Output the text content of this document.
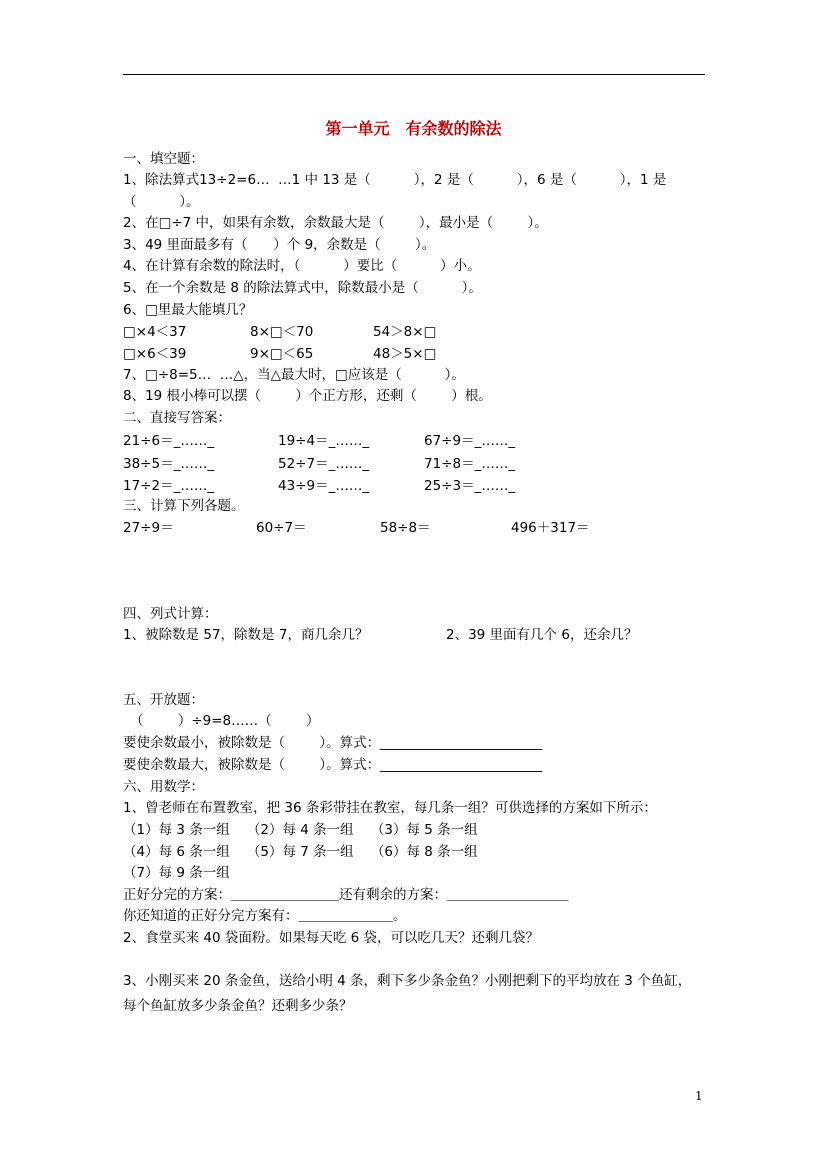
第一单元　有余数的除法
一、填空题：
1、除法算式13÷2=6…  …1 中 13 是（          ），2 是（          ），6 是（          ），1 是
（          ）。
2、在□÷7 中，如果有余数，余数最大是（        ），最小是（        ）。
3、49 里面最多有（      ）个 9，余数是（        ）。
4、在计算有余数的除法时，（          ）要比（          ）小。
5、在一个余数是 8 的除法算式中，除数最小是（          ）。
6、□里最大能填几？
□×4＜37	8×□＜70	54＞8×□
□×6＜39	9×□＜65	48＞5×□
7、□÷8=5…  …△，当△最大时，□应该是（          ）。
8、19 根小棒可以摆（        ）个正方形，还剩（        ）根。
二、直接写答案：
21÷6＝_……_	19÷4＝_……_	67÷9＝_……_
38÷5＝_……_	52÷7＝_……_	71÷8＝_……_
17÷2＝_……_	43÷9＝_……_	25÷3＝_……_
三、计算下列各题。
27÷9＝	60÷7＝	58÷8＝	496＋317＝
四、列式计算：
1、被除数是 57，除数是 7，商几余几？	2、39 里面有几个 6，还余几？
五、开放题：
（        ）÷9=8……（        ）
要使余数最小，被除数是（        ）。算式：________________________
要使余数最大，被除数是（        ）。算式：________________________
六、用数学：
1、曾老师在布置教室，把 36 条彩带挂在教室，每几条一组？可供选择的方案如下所示：
（1）每 3 条一组    （2）每 4 条一组    （3）每 5 条一组
（4）每 6 条一组    （5）每 7 条一组    （6）每 8 条一组
（7）每 9 条一组
正好分完的方案：＿＿＿＿＿＿＿＿还有剩余的方案：＿＿＿＿＿＿＿＿＿
你还知道的正好分完方案有：＿＿＿＿＿＿＿。
2、食堂买来 40 袋面粉。如果每天吃 6 袋，可以吃几天？还剩几袋？
3、小刚买来 20 条金鱼，送给小明 4 条，剩下多少条金鱼？小刚把剩下的平均放在 3 个鱼缸，
每个鱼缸放多少条金鱼？还剩多少条？
1
